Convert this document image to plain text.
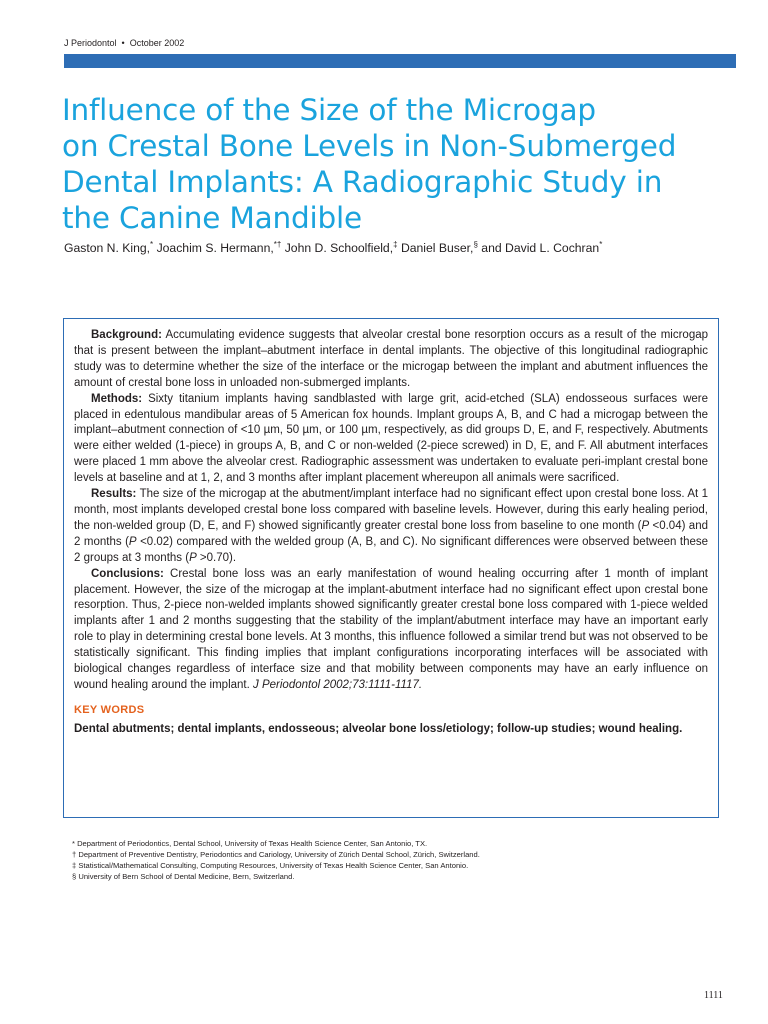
J Periodontol • October 2002
Influence of the Size of the Microgap
on Crestal Bone Levels in Non-Submerged
Dental Implants: A Radiographic Study in
the Canine Mandible
Gaston N. King,* Joachim S. Hermann,*† John D. Schoolfield,‡ Daniel Buser,§ and David L. Cochran*

Background: Accumulating evidence suggests that alveolar crestal bone resorption occurs as a result of the microgap that is present between the implant–abutment interface in dental implants. The objective of this longitudinal radiographic study was to determine whether the size of the interface or the microgap between the implant and abutment influences the amount of crestal bone loss in unloaded non-submerged implants.

Methods: Sixty titanium implants having sandblasted with large grit, acid-etched (SLA) endosseous surfaces were placed in edentulous mandibular areas of 5 American fox hounds. Implant groups A, B, and C had a microgap between the implant–abutment connection of <10 µm, 50 µm, or 100 µm, respectively, as did groups D, E, and F, respectively. Abutments were either welded (1-piece) in groups A, B, and C or non-welded (2-piece screwed) in D, E, and F. All abutment interfaces were placed 1 mm above the alveolar crest. Radiographic assessment was undertaken to evaluate peri-implant crestal bone levels at baseline and at 1, 2, and 3 months after implant placement whereupon all animals were sacrificed.

Results: The size of the microgap at the abutment/implant interface had no significant effect upon crestal bone loss. At 1 month, most implants developed crestal bone loss compared with baseline levels. However, during this early healing period, the non-welded group (D, E, and F) showed significantly greater crestal bone loss from baseline to one month (P <0.04) and 2 months (P <0.02) compared with the welded group (A, B, and C). No significant differences were observed between these 2 groups at 3 months (P >0.70).

Conclusions: Crestal bone loss was an early manifestation of wound healing occurring after 1 month of implant placement. However, the size of the microgap at the implant-abutment interface had no significant effect upon crestal bone resorption. Thus, 2-piece non-welded implants showed significantly greater crestal bone loss compared with 1-piece welded implants after 1 and 2 months suggesting that the stability of the implant/abutment interface may have an important early role to play in determining crestal bone levels. At 3 months, this influence followed a similar trend but was not observed to be statistically significant. This finding implies that implant configurations incorporating interfaces will be associated with biological changes regardless of interface size and that mobility between components may have an early influence on wound healing around the implant. J Periodontol 2002;73:1111-1117.

KEY WORDS
Dental abutments; dental implants, endosseous; alveolar bone loss/etiology; follow-up studies; wound healing.
* Department of Periodontics, Dental School, University of Texas Health Science Center, San Antonio, TX.
† Department of Preventive Dentistry, Periodontics and Cariology, University of Zürich Dental School, Zürich, Switzerland.
‡ Statistical/Mathematical Consulting, Computing Resources, University of Texas Health Science Center, San Antonio.
§ University of Bern School of Dental Medicine, Bern, Switzerland.
1111
